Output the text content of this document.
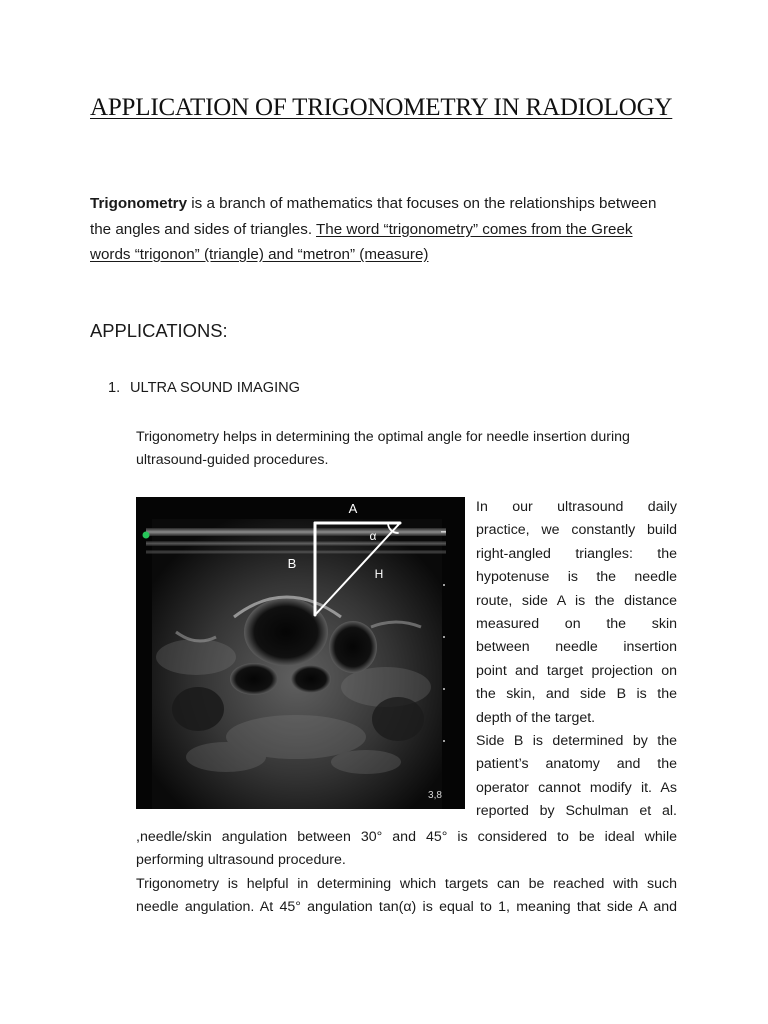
APPLICATION OF TRIGONOMETRY IN RADIOLOGY

Trigonometry is a branch of mathematics that focuses on the relationships between the angles and sides of triangles. The word “trigonometry” comes from the Greek words “trigonon” (triangle) and “metron” (measure)

APPLICATIONS:
1. ULTRA SOUND IMAGING

Trigonometry helps in determining the optimal angle for needle insertion during ultrasound-guided procedures.

A
α
B
H
3,8

In our ultrasound daily

practice, we constantly build

right-angled triangles: the

hypotenuse is the needle

route, side A is the distance

measured on the skin

between needle insertion

point and target projection on

the skin, and side B is the

depth of the target.

Side B is determined by the

patient’s anatomy and the

operator cannot modify it. As

reported by Schulman et al.

,needle/skin angulation between 30° and 45° is considered to be ideal while

performing ultrasound procedure.

Trigonometry is helpful in determining which targets can be reached with such

needle angulation. At 45° angulation tan(α) is equal to 1, meaning that side A and
